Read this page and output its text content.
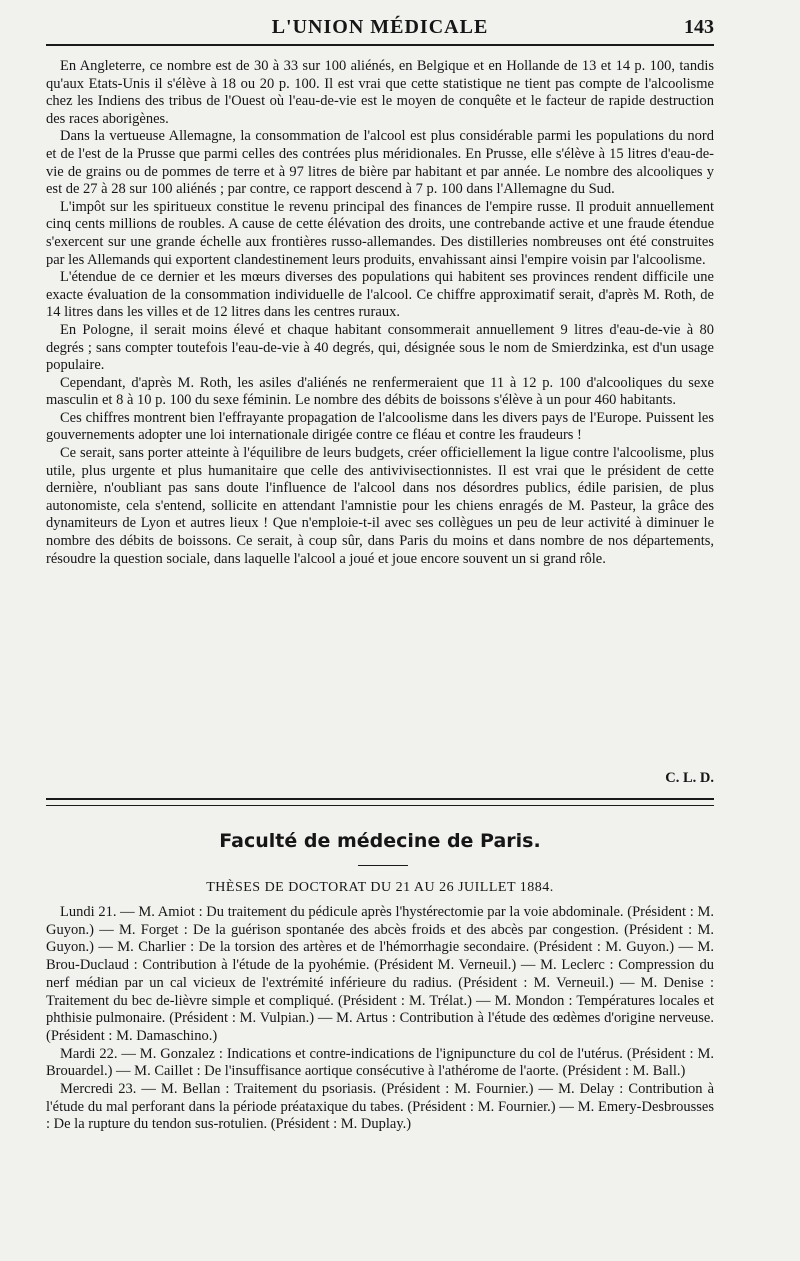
L'UNION MÉDICALE	143

En Angleterre, ce nombre est de 30 à 33 sur 100 aliénés, en Belgique et en Hollande de 13 et 14 p. 100, tandis qu'aux Etats-Unis il s'élève à 18 ou 20 p. 100. Il est vrai que cette statistique ne tient pas compte de l'alcoolisme chez les Indiens des tribus de l'Ouest où l'eau-de-vie est le moyen de conquête et le facteur de rapide destruction des races aborigènes.

Dans la vertueuse Allemagne, la consommation de l'alcool est plus considérable parmi les populations du nord et de l'est de la Prusse que parmi celles des contrées plus méridionales. En Prusse, elle s'élève à 15 litres d'eau-de-vie de grains ou de pommes de terre et à 97 litres de bière par habitant et par année. Le nombre des alcooliques y est de 27 à 28 sur 100 aliénés ; par contre, ce rapport descend à 7 p. 100 dans l'Allemagne du Sud.

L'impôt sur les spiritueux constitue le revenu principal des finances de l'empire russe. Il produit annuellement cinq cents millions de roubles. A cause de cette élévation des droits, une contrebande active et une fraude étendue s'exercent sur une grande échelle aux frontières russo-allemandes. Des distilleries nombreuses ont été construites par les Allemands qui exportent clandestinement leurs produits, envahissant ainsi l'empire voisin par l'alcoolisme.

L'étendue de ce dernier et les mœurs diverses des populations qui habitent ses provinces rendent difficile une exacte évaluation de la consommation individuelle de l'alcool. Ce chiffre approximatif serait, d'après M. Roth, de 14 litres dans les villes et de 12 litres dans les centres ruraux.

En Pologne, il serait moins élevé et chaque habitant consommerait annuellement 9 litres d'eau-de-vie à 80 degrés ; sans compter toutefois l'eau-de-vie à 40 degrés, qui, désignée sous le nom de Smierdzinka, est d'un usage populaire.

Cependant, d'après M. Roth, les asiles d'aliénés ne renfermeraient que 11 à 12 p. 100 d'alcooliques du sexe masculin et 8 à 10 p. 100 du sexe féminin. Le nombre des débits de boissons s'élève à un pour 460 habitants.

Ces chiffres montrent bien l'effrayante propagation de l'alcoolisme dans les divers pays de l'Europe. Puissent les gouvernements adopter une loi internationale dirigée contre ce fléau et contre les fraudeurs !

Ce serait, sans porter atteinte à l'équilibre de leurs budgets, créer officiellement la ligue contre l'alcoolisme, plus utile, plus urgente et plus humanitaire que celle des antivivisectionnistes. Il est vrai que le président de cette dernière, n'oubliant pas sans doute l'influence de l'alcool dans nos désordres publics, édile parisien, de plus autonomiste, cela s'entend, sollicite en attendant l'amnistie pour les chiens enragés de M. Pasteur, la grâce des dynamiteurs de Lyon et autres lieux ! Que n'emploie-t-il avec ses collègues un peu de leur activité à diminuer le nombre des débits de boissons. Ce serait, à coup sûr, dans Paris du moins et dans nombre de nos départements, résoudre la question sociale, dans laquelle l'alcool a joué et joue encore souvent un si grand rôle.

C. L. D.
Faculté de médecine de Paris.
THÈSES DE DOCTORAT DU 21 AU 26 JUILLET 1884.

Lundi 21. — M. Amiot : Du traitement du pédicule après l'hystérectomie par la voie abdominale. (Président : M. Guyon.) — M. Forget : De la guérison spontanée des abcès froids et des abcès par congestion. (Président : M. Guyon.) — M. Charlier : De la torsion des artères et de l'hémorrhagie secondaire. (Président : M. Guyon.) — M. Brou-Duclaud : Contribution à l'étude de la pyohémie. (Président M. Verneuil.) — M. Leclerc : Compression du nerf médian par un cal vicieux de l'extrémité inférieure du radius. (Président : M. Verneuil.) — M. Denise : Traitement du bec de-lièvre simple et compliqué. (Président : M. Trélat.) — M. Mondon : Températures locales et phthisie pulmonaire. (Président : M. Vulpian.) — M. Artus : Contribution à l'étude des œdèmes d'origine nerveuse. (Président : M. Damaschino.)

Mardi 22. — M. Gonzalez : Indications et contre-indications de l'ignipuncture du col de l'utérus. (Président : M. Brouardel.) — M. Caillet : De l'insuffisance aortique consécutive à l'athérome de l'aorte. (Président : M. Ball.)

Mercredi 23. — M. Bellan : Traitement du psoriasis. (Président : M. Fournier.) — M. Delay : Contribution à l'étude du mal perforant dans la période préataxique du tabes. (Président : M. Fournier.) — M. Emery-Desbrousses : De la rupture du tendon sus-rotulien. (Président : M. Duplay.)
